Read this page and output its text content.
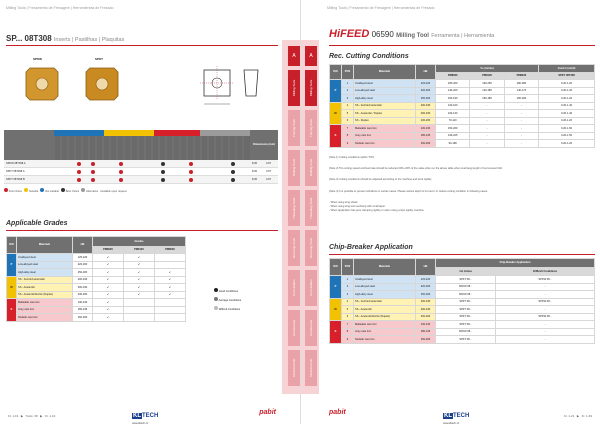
Milling Tools | Fresamento de Fresagem | Herramientas de Fresado
SP... 08T308 Inserts | Pastilhas | Plaquitas
A
Milling Tools
Turning Tools
Drilling Tools
Threading Tools
Grooving Tools
Tool Holders
Accessories
Technical Info
SPKW	SPKT
Dimensions (mm)
SPKW 08T308 A	8.00	3.97
SPKT 08T308 A	8.00	3.97
SPKT 08T308 B	8.00	3.97
First choice	Suitable	Not suitable	Best choice	Alternative Available upon request
Applicable Grades
ISO	Materials	HB	Grades		
			PM8020	PM8120	PM8030
P	Unalloyed steel	125-220	✔	✔	
	Low-alloyed steel	220-300	✔	✔	
	High-alloy steel	150-300	✔	✔	✔
M	SS - Ferritic/martensitic	200-330	✔	✔	✔
	SS - Austenitic	200-330	✔	✔	✔
	SS - Austenitic/ferritic (Duplex)	230-260	✔	✔	✔
K	Malleable cast iron	130-230	✔		
	Grey cast iron	180-245	✔		
	Nodular cast iron	160-260	✔		
Good Conditions
Average Conditions
Difficult Conditions
Kl. 1-19   ▶   Tools: 38   ▶   Kl. 1-19	KLTECH
www.kltech.cz
pabit
A
Milling Tools
Turning Tools
Drilling Tools
Threading Tools
Grooving Tools
Tool Holders
Accessories
Technical Info
Milling Tools | Fresamento de Fresagem | Herramientas de Fresado
HiFEED 06590 Milling Tool Ferramenta | Herramienta
Rec. Cutting Conditions
ISO	POS	Materials	HB	Vc (m/min)			Feed fz (mm/t)
				PM8020	PM8120	PM8030	SPKT 08T308
P	1	Unalloyed steel	125-220	180-320	190-250	180-280	0.20-1.20
	2	Low-alloyed steel	220-300	140-220	140-180	140-170	0.20-1.30
	3	High-alloy steel	150-300	150-190	150-180	150-180	0.20-1.20
M	4	SS - Ferritic/martensitic	200-330	120-160	-	-	0.20-1.40
	5	SS - Austenitic / Duplex	200-330	100-130	-	-	0.20-1.40
	6	SS - Duplex	230-260	70-110	-	-	0.20-1.20
K	7	Malleable cast iron	130-230	150-260	-	-	0.20-1.60
	8	Grey cast iron	180-245	130-225	-	-	0.20-1.50
	9	Nodular cast iron	160-260	90-180	-	-	0.20-1.20
(Note 1) Cutting conditions ap/Dc<70%
(Note 2) The cutting speed and feed rate should be reduced 20%~30% of the value when on the above table when overhang length of tool exceed 3xD.
(Note 3) Cutting conditions should be adjusted according to the machine and work rigidity.
(Note 4) It is possible to prevent vibrations in certain cases. Please reduce depth of cut and / or reduce cutting condition in following cases:
- When using long shank.
- When using long tool overhang with small taper.
- When application has poor clamping rigidity or when using a less rigidity machine.
Chip-Breaker Application
ISO	POS	Materials	HB	Chip-Breaker Application	
				1st choice	Difficult Conditions
P	1	Unalloyed steel	125-220	SPKT 08...	SPKW 08...
	2	Low-alloyed steel	220-300	SPKW 08...	-
	3	High-alloy steel	150-300	SPKW 08...	-
M	4	SS - Ferritic/martensitic	200-330	SPKT 08...	SPKW 08...
	5	SS - Austenitic	200-330	SPKT 08...	-
	6	SS - Austenitic/ferritic (Duplex)	230-260	SPKT 08...	SPKW 08...
K	7	Malleable cast iron	130-230	SPKT 08...	-
	8	Grey cast iron	180-245	SPKW 08...	-
	9	Nodular cast iron	160-260	SPKT 08...	-
pabit	KLTECH
www.kltech.cz
Kl. 1-21   ▶   Kl. 1-39
